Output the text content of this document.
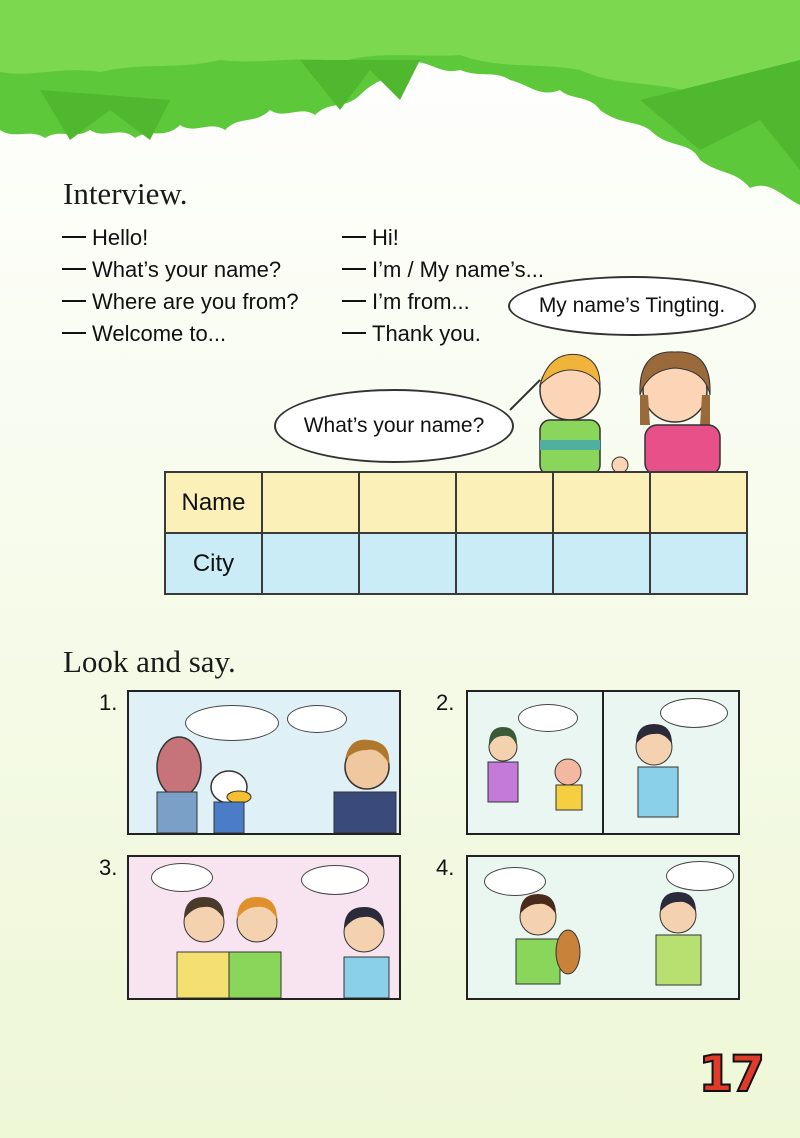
Interview.
Hello!
What’s your name?
Where are you from?
Welcome to...
Hi!
I’m / My name’s...
I’m from...
Thank you.
My name’s Tingting.
What’s your name?
Name					
City					
Look and say.
1.	2.
3.	4.
17
